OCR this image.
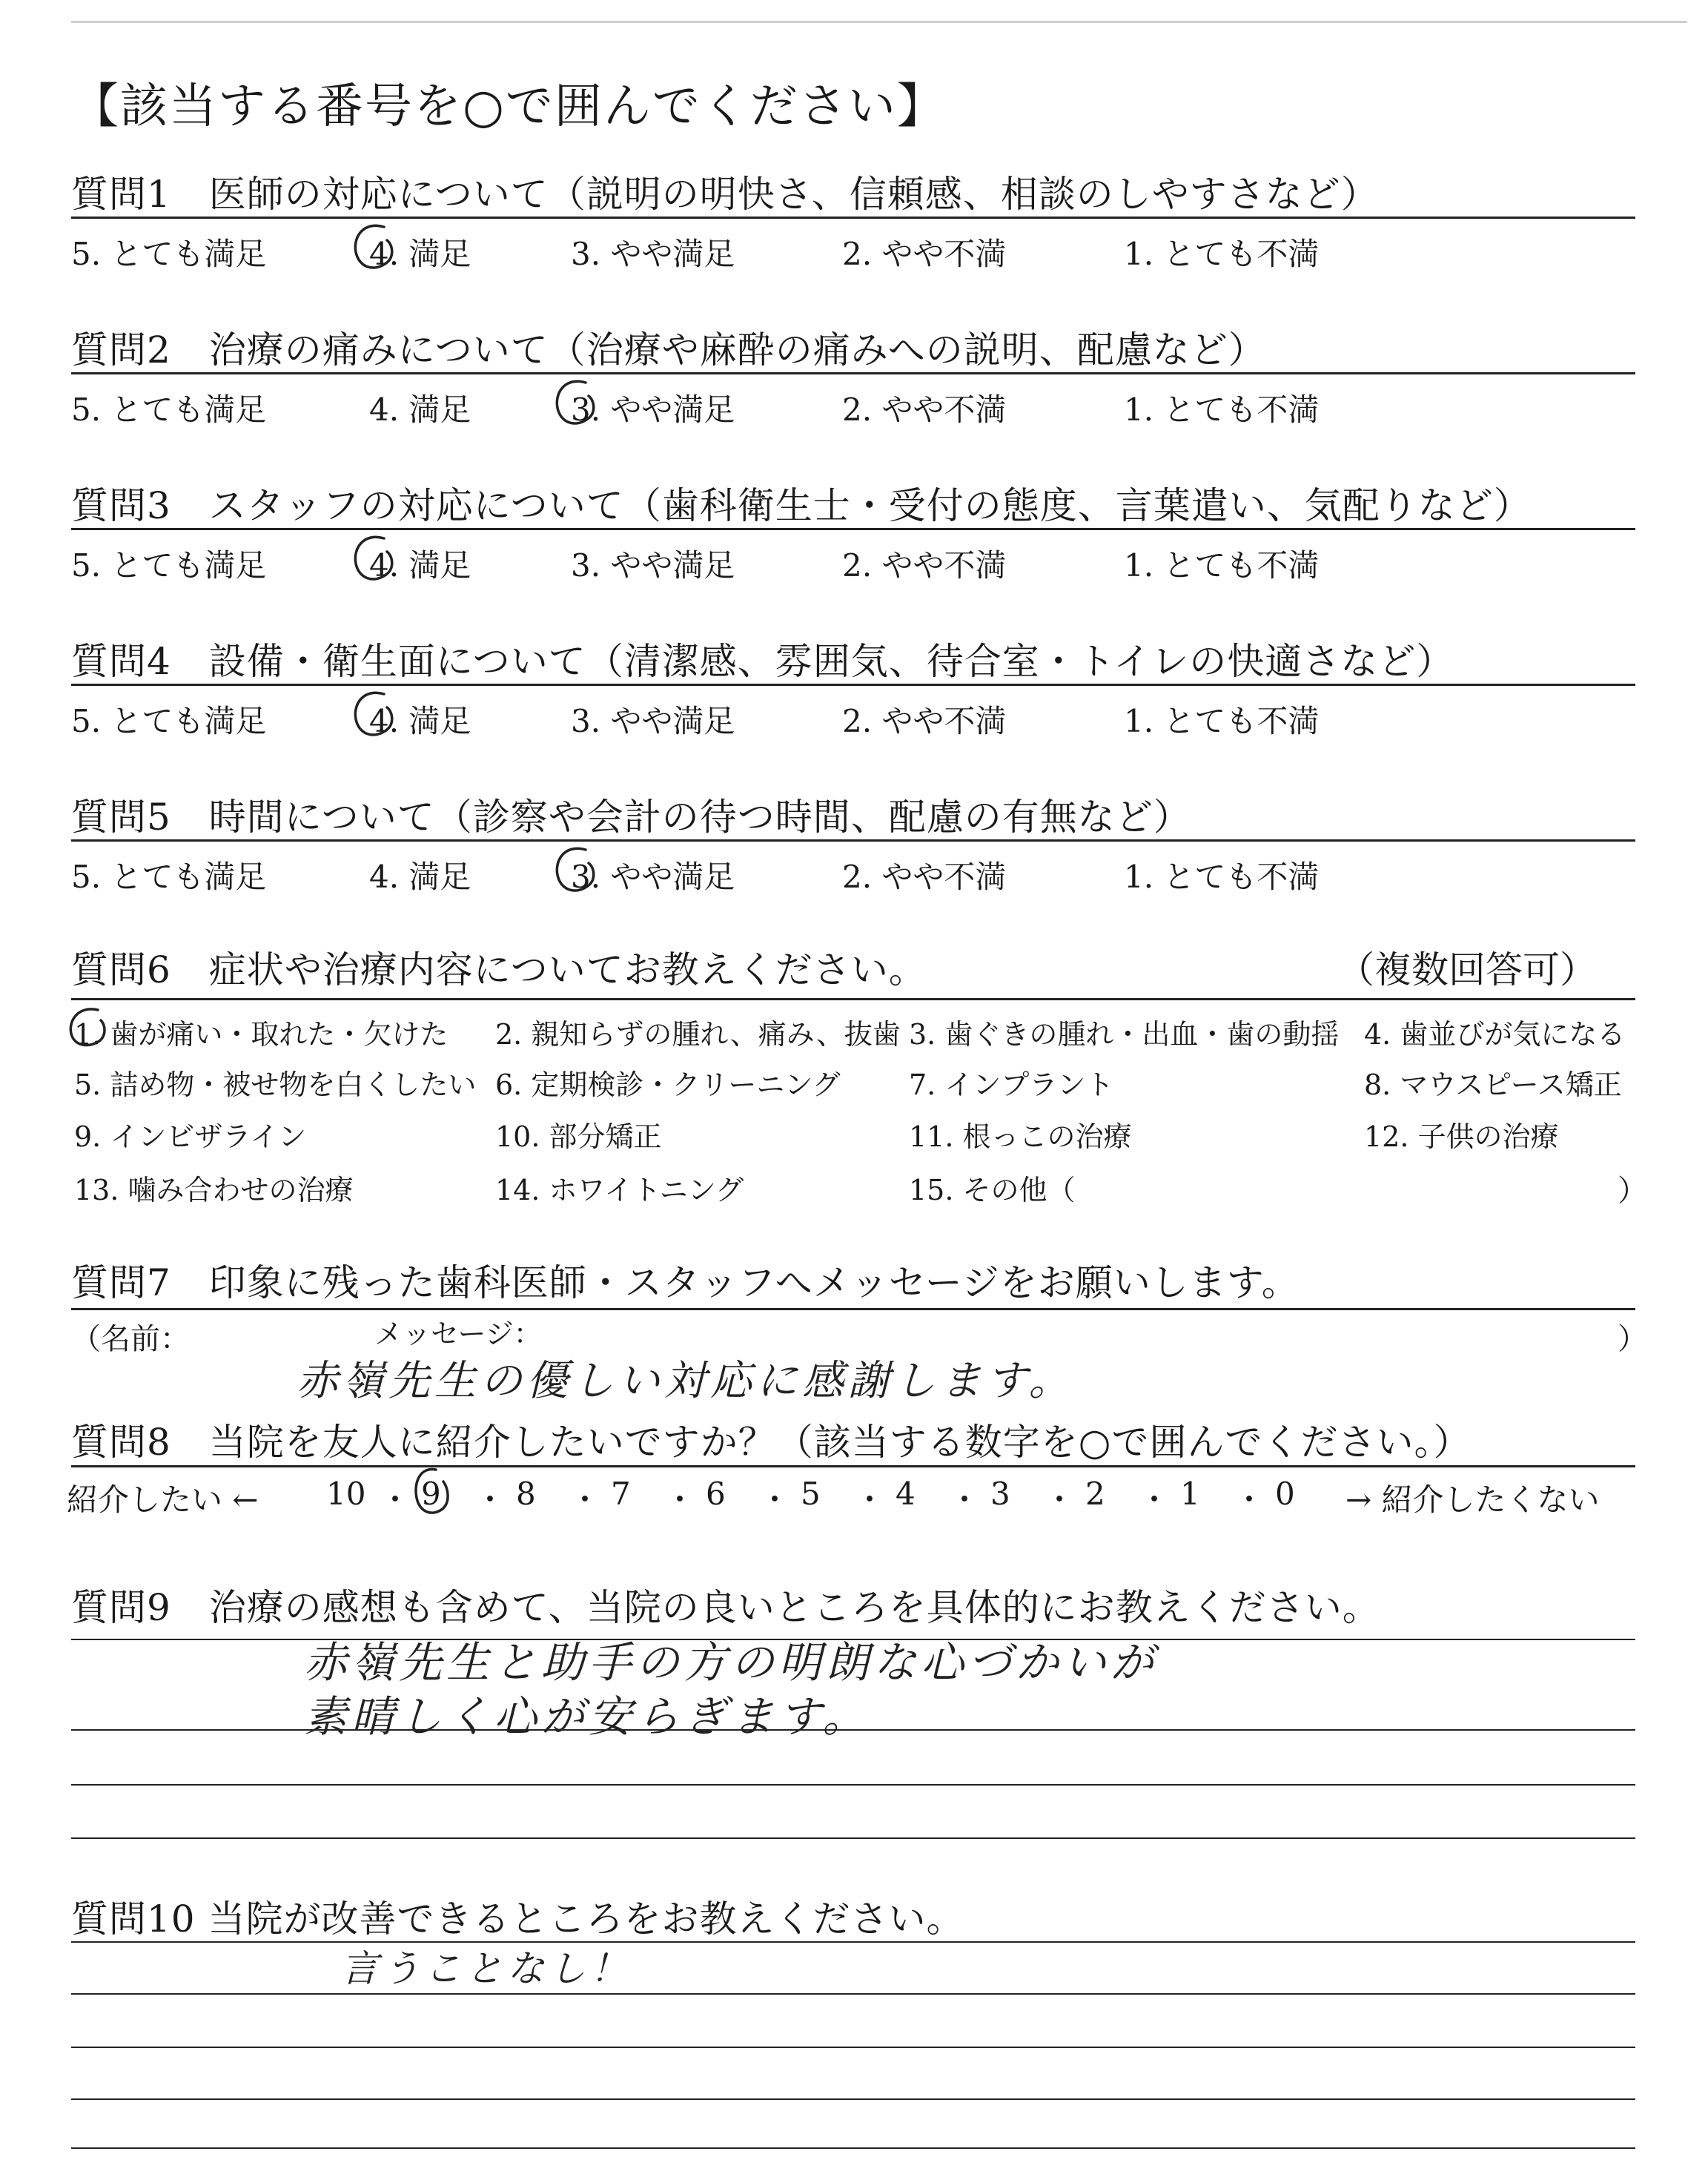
【該当する番号を○で囲んでください】
質問1　医師の対応について（説明の明快さ、信頼感、相談のしやすさなど）
5. とても満足	4. 満足	3. やや満足	2. やや不満	1. とても不満
質問2　治療の痛みについて（治療や麻酔の痛みへの説明、配慮など）
5. とても満足	4. 満足	3. やや満足	2. やや不満	1. とても不満
質問3　スタッフの対応について（歯科衛生士・受付の態度、言葉遣い、気配りなど）
5. とても満足	4. 満足	3. やや満足	2. やや不満	1. とても不満
質問4　設備・衛生面について（清潔感、雰囲気、待合室・トイレの快適さなど）
5. とても満足	4. 満足	3. やや満足	2. やや不満	1. とても不満
質問5　時間について（診察や会計の待つ時間、配慮の有無など）
5. とても満足	4. 満足	3. やや満足	2. やや不満	1. とても不満
質問6　症状や治療内容についてお教えください。	（複数回答可）
1. 歯が痛い・取れた・欠けた 2. 親知らずの腫れ、痛み、抜歯 3. 歯ぐきの腫れ・出血・歯の動揺 4. 歯並びが気になる
5. 詰め物・被せ物を白くしたい 6. 定期検診・クリーニング 7. インプラント	8. マウスピース矯正
9. インビザライン	10. 部分矯正	11. 根っこの治療	12. 子供の治療
13. 噛み合わせの治療	14. ホワイトニング	15. その他（	）
質問7　印象に残った歯科医師・スタッフへメッセージをお願いします。
（名前：	）
メッセージ：
赤嶺先生の優しい対応に感謝します。
質問8　当院を友人に紹介したいですか？（該当する数字を○で囲んでください。）
紹介したい ←	→ 紹介したくない
10 ・ 9 ・ 8 ・ 7 ・ 6 ・ 5 ・ 4 ・ 3 ・ 2 ・ 1 ・ 0
質問9　治療の感想も含めて、当院の良いところを具体的にお教えください。
赤嶺先生と助手の方の明朗な心づかいが
素晴しく心が安らぎます。
質問10 当院が改善できるところをお教えください。
言うことなし！
